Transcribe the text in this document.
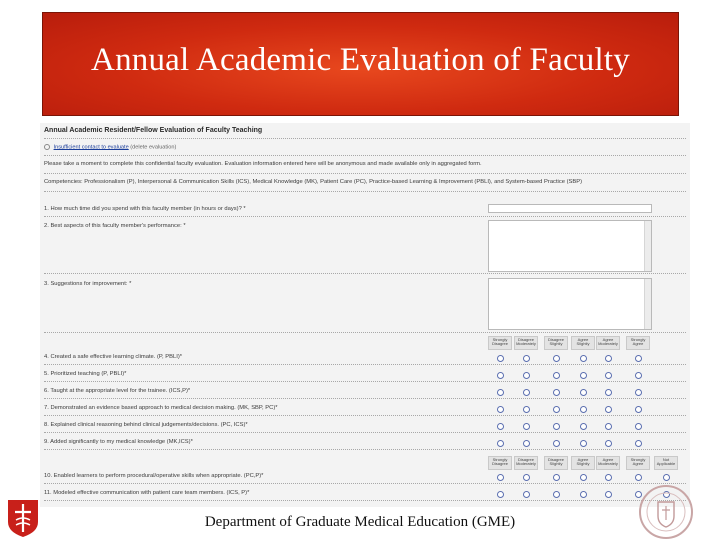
Annual Academic Evaluation of Faculty
Annual Academic Resident/Fellow Evaluation of Faculty Teaching
Insufficient contact to evaluate (delete evaluation)
Please take a moment to complete this confidential faculty evaluation. Evaluation information entered here will be anonymous and made available only in aggregated form.
Competencies: Professionalism (P), Interpersonal & Communication Skills (ICS), Medical Knowledge (MK), Patient Care (PC), Practice-based Learning & Improvement (PBLI), and System-based Practice (SBP)
1. How much time did you spend with this faculty member (in hours or days)? *
2. Best aspects of this faculty member's performance: *
3. Suggestions for improvement: *
Strongly Disagree
Disagree Moderately
Disagree Slightly
Agree Slightly
Agree Moderately
Strongly Agree
4. Created a safe effective learning climate. (P, PBLI)*
5. Prioritized teaching (P, PBLI)*
6. Taught at the appropriate level for the trainee. (ICS,P)*
7. Demonstrated an evidence based approach to medical decision making. (MK, SBP, PC)*
8. Explained clinical reasoning behind clinical judgements/decisions. (PC, ICS)*
9. Added significantly to my medical knowledge (MK,ICS)*
Strongly Disagree
Disagree Moderately
Disagree Slightly
Agree Slightly
Agree Moderately
Strongly Agree
Not Applicable
10. Enabled learners to perform procedural/operative skills when appropriate. (PC,P)*
11. Modeled effective communication with patient care team members. (ICS, P)*
Department of Graduate Medical Education (GME)
